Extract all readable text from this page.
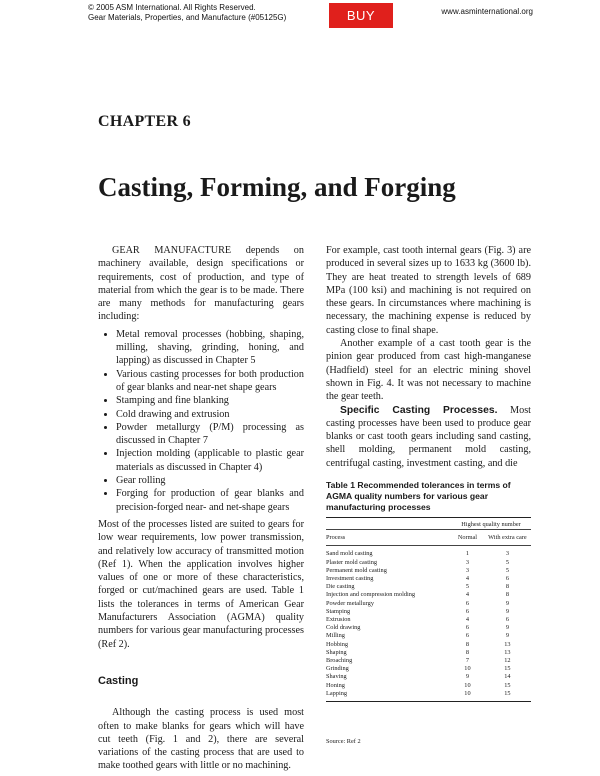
© 2005 ASM International. All Rights Reserved.
Gear Materials, Properties, and Manufacture (#05125G)	BUY NOW
www.asminternational.org
CHAPTER 6
Casting, Forming, and Forging

GEAR MANUFACTURE depends on machinery available, design specifications or requirements, cost of production, and type of material from which the gear is to be made. There are many methods for manufacturing gears including:

• Metal removal processes (hobbing, shaping, milling, shaving, grinding, honing, and lapping) as discussed in Chapter 5
• Various casting processes for both production of gear blanks and near-net shape gears
• Stamping and fine blanking
• Cold drawing and extrusion
• Powder metallurgy (P/M) processing as discussed in Chapter 7
• Injection molding (applicable to plastic gear materials as discussed in Chapter 4)
• Gear rolling
• Forging for production of gear blanks and precision-forged near- and net-shape gears

Most of the processes listed are suited to gears for low wear requirements, low power transmission, and relatively low accuracy of transmitted motion (Ref 1). When the application involves higher values of one or more of these characteristics, forged or cut/machined gears are used. Table 1 lists the tolerances in terms of American Gear Manufacturers Association (AGMA) quality numbers for various gear manufacturing processes (Ref 2).

Casting

Although the casting process is used most often to make blanks for gears which will have cut teeth (Fig. 1 and 2), there are several variations of the casting process that are used to make toothed gears with little or no machining.

For example, cast tooth internal gears (Fig. 3) are produced in several sizes up to 1633 kg (3600 lb). They are heat treated to strength levels of 689 MPa (100 ksi) and machining is not required on these gears. In circumstances where machining is necessary, the machining expense is reduced by casting close to final shape.

Another example of a cast tooth gear is the pinion gear produced from cast high-manganese (Hadfield) steel for an electric mining shovel shown in Fig. 4. It was not necessary to machine the gear teeth.

Specific Casting Processes. Most casting processes have been used to produce gear blanks or cast tooth gears including sand casting, shell molding, permanent mold casting, centrifugal casting, investment casting, and die

Table 1 Recommended tolerances in terms of AGMA quality numbers for various gear manufacturing processes
	Highest quality number	
Process	Normal	With extra care
Sand mold casting	1	3
Plaster mold casting	3	5
Permanent mold casting	3	5
Investment casting	4	6
Die casting	5	8
Injection and compression molding	4	8
Powder metallurgy	6	9
Stamping	6	9
Extrusion	4	6
Cold drawing	6	9
Milling	6	9
Hobbing	8	13
Shaping	8	13
Broaching	7	12
Grinding	10	15
Shaving	9	14
Honing	10	15
Lapping	10	15
Source: Ref 2
